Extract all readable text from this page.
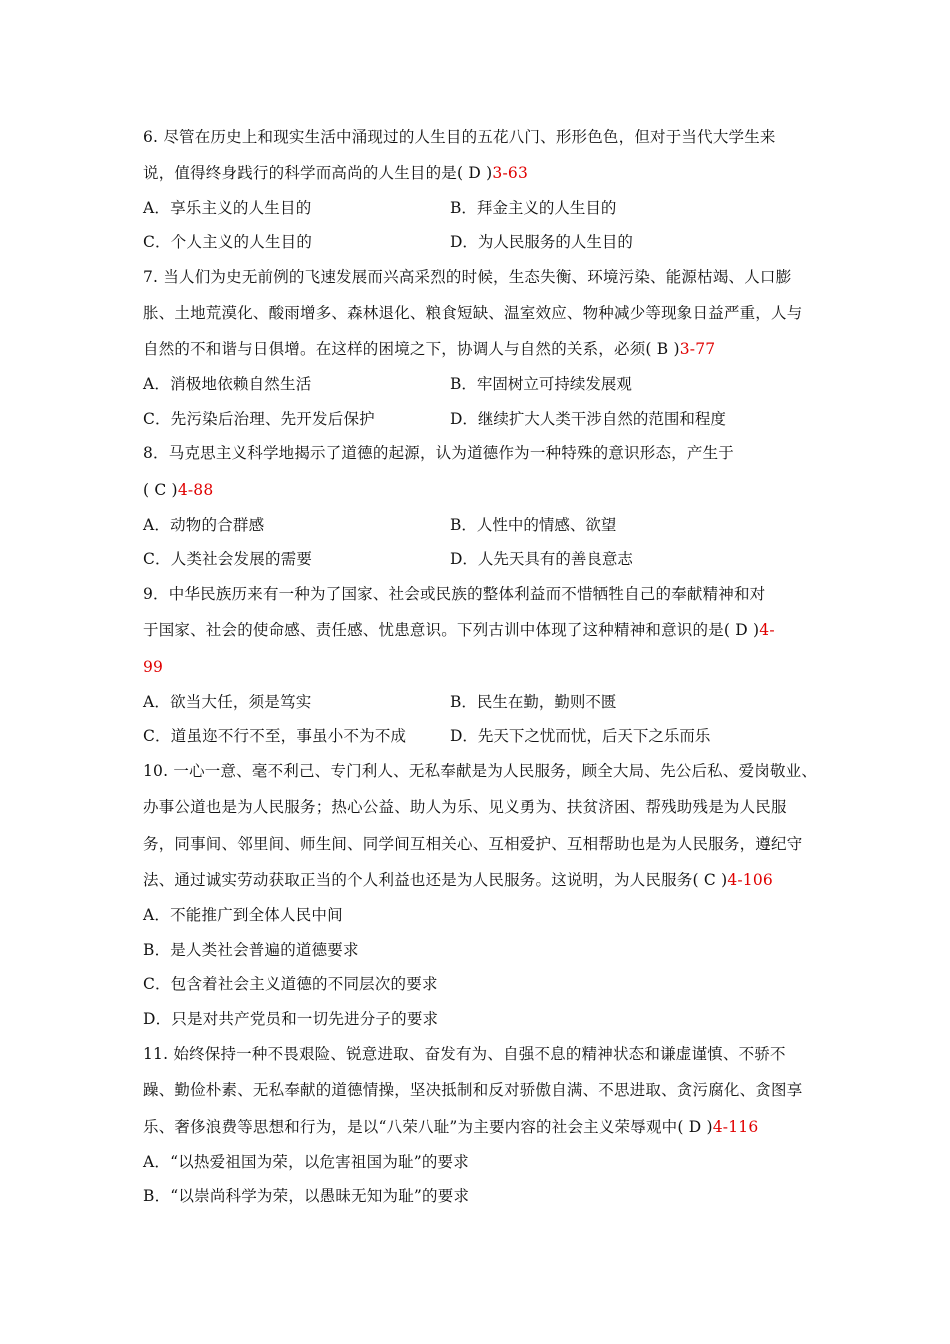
6. 尽管在历史上和现实生活中涌现过的人生目的五花八门、形形色色，但对于当代大学生来
说，值得终身践行的科学而高尚的人生目的是( D )3-63
A．享乐主义的人生目的	B．拜金主义的人生目的
C．个人主义的人生目的	D．为人民服务的人生目的
7. 当人们为史无前例的飞速发展而兴高采烈的时候，生态失衡、环境污染、能源枯竭、人口膨
胀、土地荒漠化、酸雨增多、森林退化、粮食短缺、温室效应、物种减少等现象日益严重，人与
自然的不和谐与日俱增。在这样的困境之下，协调人与自然的关系，必须( B )3-77
A．消极地依赖自然生活	B．牢固树立可持续发展观
C．先污染后治理、先开发后保护	D．继续扩大人类干涉自然的范围和程度
8．马克思主义科学地揭示了道德的起源，认为道德作为一种特殊的意识形态，产生于
( C )4-88
A．动物的合群感	B．人性中的情感、欲望
C．人类社会发展的需要	D．人先天具有的善良意志
9．中华民族历来有一种为了国家、社会或民族的整体利益而不惜牺牲自己的奉献精神和对
于国家、社会的使命感、责任感、忧患意识。下列古训中体现了这种精神和意识的是( D )4-
99
A．欲当大任，须是笃实	B．民生在勤，勤则不匮
C．道虽迩不行不至，事虽小不为不成	D．先天下之忧而忧，后天下之乐而乐
10. 一心一意、毫不利己、专门利人、无私奉献是为人民服务，顾全大局、先公后私、爱岗敬业、
办事公道也是为人民服务；热心公益、助人为乐、见义勇为、扶贫济困、帮残助残是为人民服
务，同事间、邻里间、师生间、同学间互相关心、互相爱护、互相帮助也是为人民服务，遵纪守
法、通过诚实劳动获取正当的个人利益也还是为人民服务。这说明，为人民服务( C )4-106
A．不能推广到全体人民中间
B．是人类社会普遍的道德要求
C．包含着社会主义道德的不同层次的要求
D．只是对共产党员和一切先进分子的要求
11. 始终保持一种不畏艰险、锐意进取、奋发有为、自强不息的精神状态和谦虚谨慎、不骄不
躁、勤俭朴素、无私奉献的道德情操，坚决抵制和反对骄傲自满、不思进取、贪污腐化、贪图享
乐、奢侈浪费等思想和行为，是以“八荣八耻”为主要内容的社会主义荣辱观中( D )4-116
A．“以热爱祖国为荣，以危害祖国为耻”的要求
B．“以崇尚科学为荣，以愚昧无知为耻”的要求
